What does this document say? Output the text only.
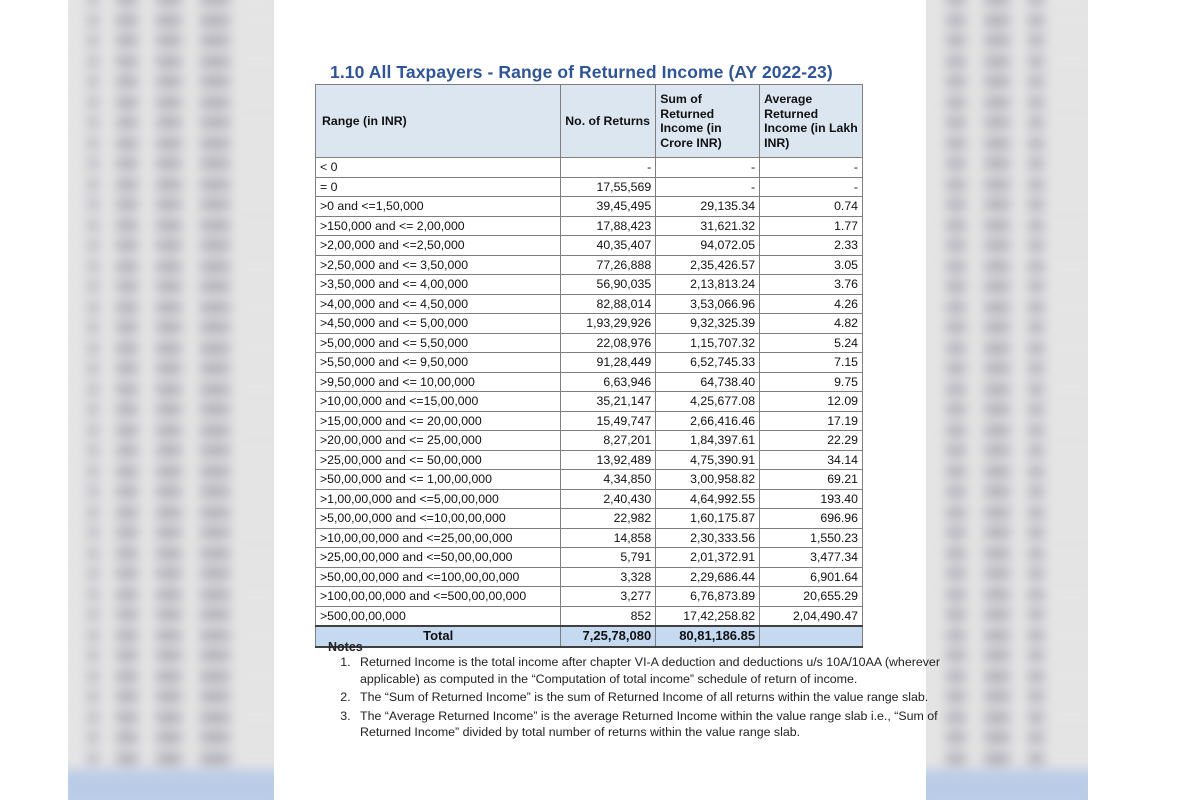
1.10 All Taxpayers - Range of Returned Income (AY 2022-23)
Range (in INR)	No. of Returns	Sum of Returned Income (in Crore INR)	Average Returned Income (in Lakh INR)
< 0	-	-	-
= 0	17,55,569	-	-
>0 and <=1,50,000	39,45,495	29,135.34	0.74
>150,000 and <= 2,00,000	17,88,423	31,621.32	1.77
>2,00,000 and <=2,50,000	40,35,407	94,072.05	2.33
>2,50,000 and <= 3,50,000	77,26,888	2,35,426.57	3.05
>3,50,000 and <= 4,00,000	56,90,035	2,13,813.24	3.76
>4,00,000 and <= 4,50,000	82,88,014	3,53,066.96	4.26
>4,50,000 and <= 5,00,000	1,93,29,926	9,32,325.39	4.82
>5,00,000 and <= 5,50,000	22,08,976	1,15,707.32	5.24
>5,50,000 and <= 9,50,000	91,28,449	6,52,745.33	7.15
>9,50,000 and <= 10,00,000	6,63,946	64,738.40	9.75
>10,00,000 and <=15,00,000	35,21,147	4,25,677.08	12.09
>15,00,000 and <= 20,00,000	15,49,747	2,66,416.46	17.19
>20,00,000 and <= 25,00,000	8,27,201	1,84,397.61	22.29
>25,00,000 and <= 50,00,000	13,92,489	4,75,390.91	34.14
>50,00,000 and <= 1,00,00,000	4,34,850	3,00,958.82	69.21
>1,00,00,000 and <=5,00,00,000	2,40,430	4,64,992.55	193.40
>5,00,00,000 and <=10,00,00,000	22,982	1,60,175.87	696.96
>10,00,00,000 and <=25,00,00,000	14,858	2,30,333.56	1,550.23
>25,00,00,000 and <=50,00,00,000	5,791	2,01,372.91	3,477.34
>50,00,00,000 and <=100,00,00,000	3,328	2,29,686.44	6,901.64
>100,00,00,000 and <=500,00,00,000	3,277	6,76,873.89	20,655.29
>500,00,00,000	852	17,42,258.82	2,04,490.47
Total	7,25,78,080	80,81,186.85	
Notes
1. Returned Income is the total income after chapter VI-A deduction and deductions u/s 10A/10AA (wherever applicable) as computed in the “Computation of total income” schedule of return of income.
2. The “Sum of Returned Income” is the sum of Returned Income of all returns within the value range slab.
3. The “Average Returned Income” is the average Returned Income within the value range slab i.e., “Sum of Returned Income” divided by total number of returns within the value range slab.
